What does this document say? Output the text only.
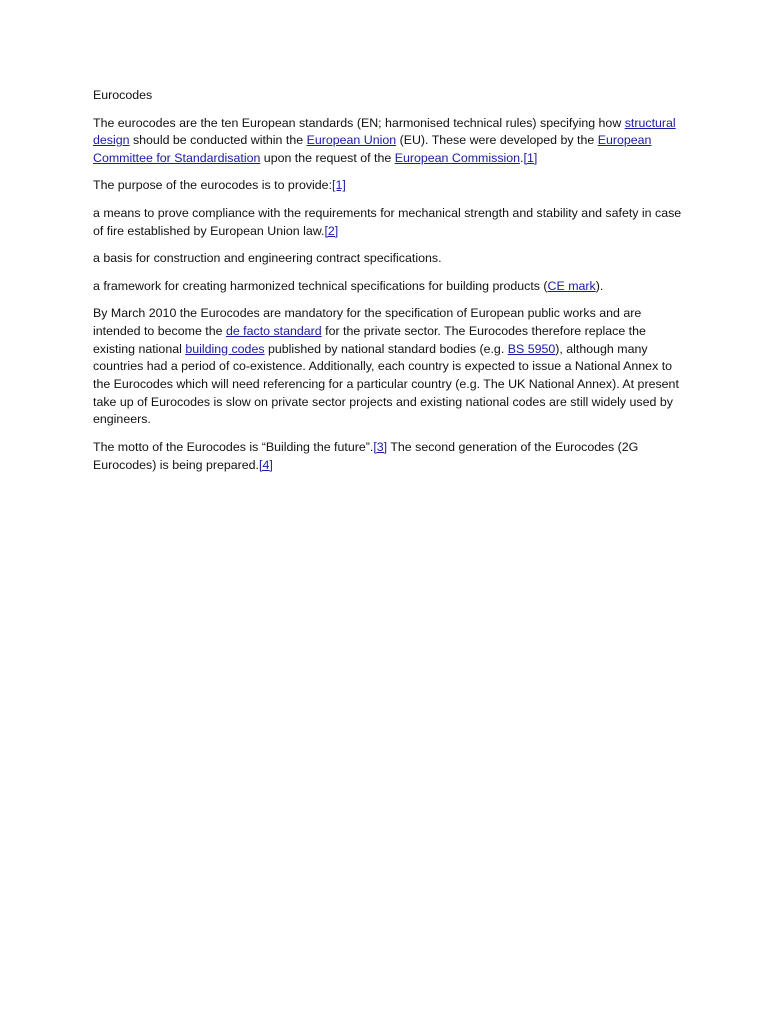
Eurocodes

The eurocodes are the ten European standards (EN; harmonised technical rules) specifying how structural design should be conducted within the European Union (EU). These were developed by the European Committee for Standardisation upon the request of the European Commission.[1]

The purpose of the eurocodes is to provide:[1]

a means to prove compliance with the requirements for mechanical strength and stability and safety in case of fire established by European Union law.[2]

a basis for construction and engineering contract specifications.

a framework for creating harmonized technical specifications for building products (CE mark).

By March 2010 the Eurocodes are mandatory for the specification of European public works and are intended to become the de facto standard for the private sector. The Eurocodes therefore replace the existing national building codes published by national standard bodies (e.g. BS 5950), although many countries had a period of co-existence. Additionally, each country is expected to issue a National Annex to the Eurocodes which will need referencing for a particular country (e.g. The UK National Annex). At present take up of Eurocodes is slow on private sector projects and existing national codes are still widely used by engineers.

The motto of the Eurocodes is “Building the future”.[3] The second generation of the Eurocodes (2G Eurocodes) is being prepared.[4]
